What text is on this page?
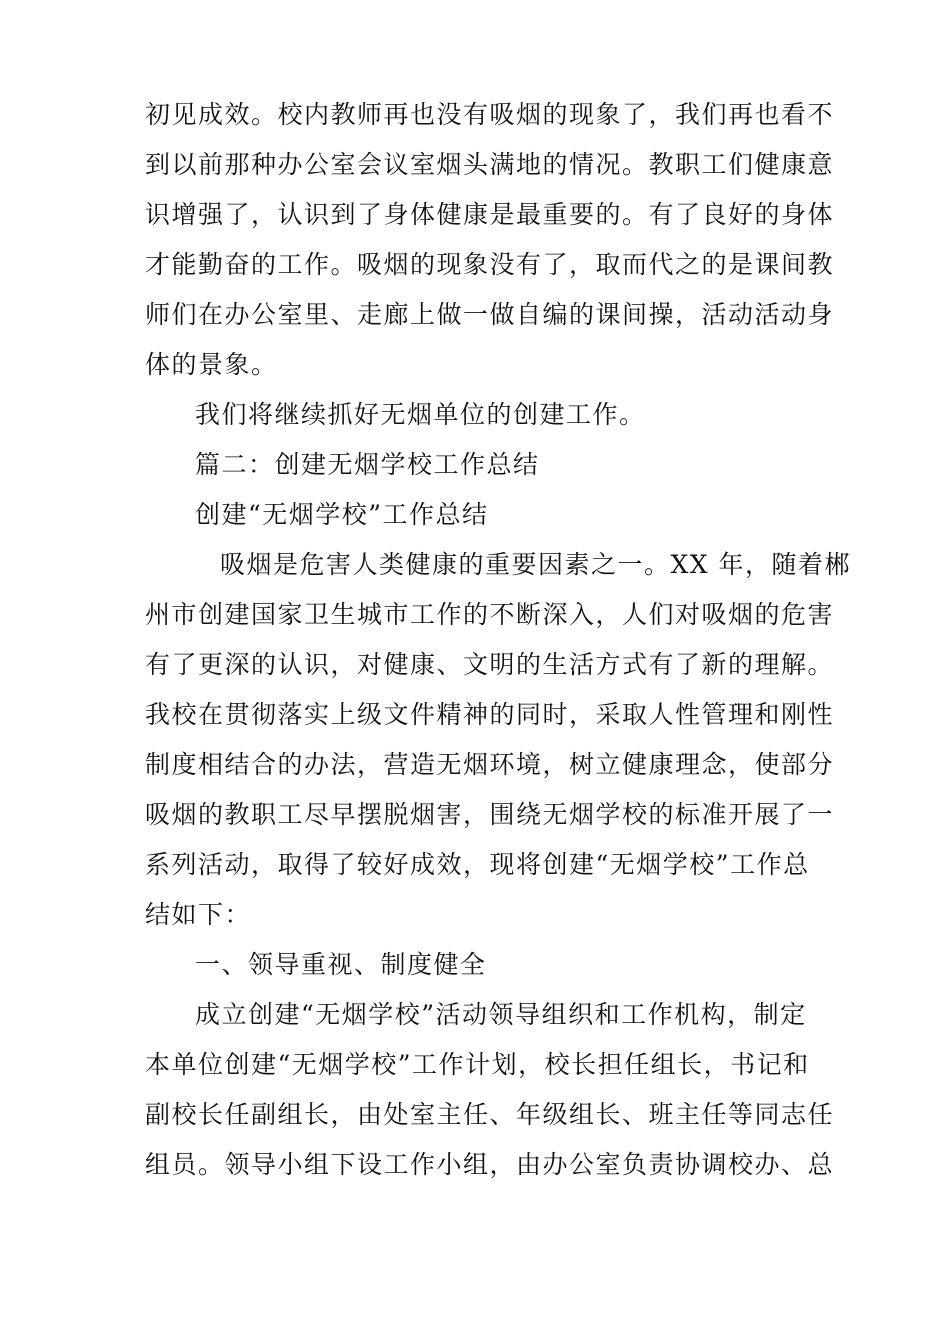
初见成效。校内教师再也没有吸烟的现象了，我们再也看不
到以前那种办公室会议室烟头满地的情况。教职工们健康意
识增强了，认识到了身体健康是最重要的。有了良好的身体
才能勤奋的工作。吸烟的现象没有了，取而代之的是课间教
师们在办公室里、走廊上做一做自编的课间操，活动活动身
体的景象。
我们将继续抓好无烟单位的创建工作。
篇二：创建无烟学校工作总结
创建“无烟学校”工作总结
吸烟是危害人类健康的重要因素之一。XX 年，随着郴
州市创建国家卫生城市工作的不断深入，人们对吸烟的危害
有了更深的认识，对健康、文明的生活方式有了新的理解。
我校在贯彻落实上级文件精神的同时，采取人性管理和刚性
制度相结合的办法，营造无烟环境，树立健康理念，使部分
吸烟的教职工尽早摆脱烟害，围绕无烟学校的标准开展了一
系列活动，取得了较好成效，现将创建“无烟学校”工作总
结如下：
一、领导重视、制度健全
成立创建“无烟学校”活动领导组织和工作机构，制定
本单位创建“无烟学校”工作计划，校长担任组长，书记和
副校长任副组长，由处室主任、年级组长、班主任等同志任
组员。领导小组下设工作小组，由办公室负责协调校办、总
